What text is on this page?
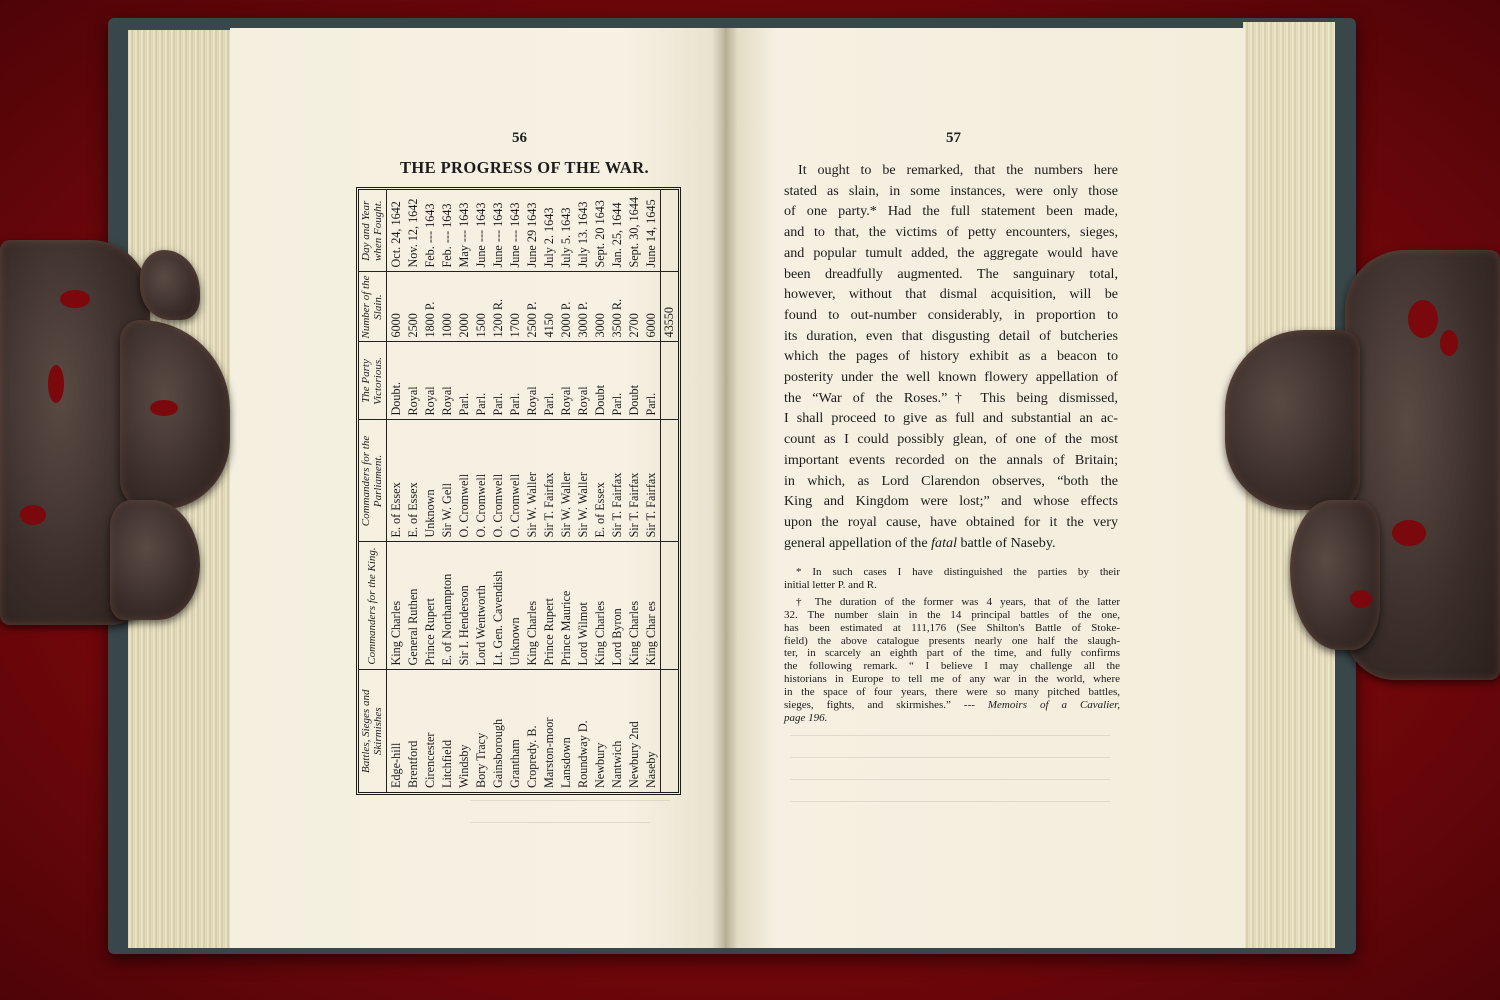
56
THE PROGRESS OF THE WAR.
Battles, Sieges and Skirmishes	Commanders for the King.	Commanders for the Parliament.	The Party Victorious.	Number of the Slain.	Day and Year when Fought.
Edge-hill	King Charles	E. of Essex	Doubt.	6000	Oct. 24, 1642
Brentford	General Ruthen	E. of Essex	Royal	2500	Nov. 12, 1642
Cirencester	Prince Rupert	Unknown	Royal	1800 P.	Feb. --- 1643
Litchfield	E. of Northampton	Sir W. Gell	Royal	1000	Feb. --- 1643
Windsby	Sir I. Henderson	O. Cromwell	Parl.	2000	May --- 1643
Bory Tracy	Lord Wentworth	O. Cromwell	Parl.	1500	June --- 1643
Gainsborough	Lt. Gen. Cavendish	O. Cromwell	Parl.	1200 R.	June --- 1643
Grantham	Unknown	O. Cromwell	Parl.	1700	June --- 1643
Cropredy. B.	King Charles	Sir W. Waller	Royal	2500 P.	June 29 1643
Marston-moor	Prince Rupert	Sir T. Fairfax	Parl.	4150	July 2. 1643
Lansdown	Prince Maurice	Sir W. Waller	Royal	2000 P.	July 5. 1643
Roundway D.	Lord Wilmot	Sir W. Waller	Royal	3000 P.	July 13. 1643
Newbury	King Charles	E. of Essex	Doubt	3000	Sept. 20 1643
Nantwich	Lord Byron	Sir T. Fairfax	Parl.	3500 R.	Jan. 25, 1644
Newbury 2nd	King Charles	Sir T. Fairfax	Doubt	2700	Sept. 30, 1644
Naseby	King Char es	Sir T. Fairfax	Parl.	6000	June 14, 1645
				43550	
57
It ought to be remarked, that the numbers here
stated as slain, in some instances, were only those
of one party.* Had the full statement been made,
and to that, the victims of petty encounters, sieges,
and popular tumult added, the aggregate would have
been dreadfully augmented. The sanguinary total,
however, without that dismal acquisition, will be
found to out-number considerably, in proportion to
its duration, even that disgusting detail of butcheries
which the pages of history exhibit as a beacon to
posterity under the well known flowery appellation of
the “War of the Roses.”† This being dismissed,
I shall proceed to give as full and substantial an ac-
count as I could possibly glean, of one of the most
important events recorded on the annals of Britain;
in which, as Lord Clarendon observes, “both the
King and Kingdom were lost;” and whose effects
upon the royal cause, have obtained for it the very
general appellation of the fatal battle of Naseby.
* In such cases I have distinguished the parties by their
initial letter P. and R.
† The duration of the former was 4 years, that of the latter
32. The number slain in the 14 principal battles of the one,
has been estimated at 111,176 (See Shilton's Battle of Stoke-
field) the above catalogue presents nearly one half the slaugh-
ter, in scarcely an eighth part of the time, and fully confirms
the following remark. “ I believe I may challenge all the
historians in Europe to tell me of any war in the world, where
in the space of four years, there were so many pitched battles,
sieges, fights, and skirmishes.” --- Memoirs of a Cavalier,
page 196.
